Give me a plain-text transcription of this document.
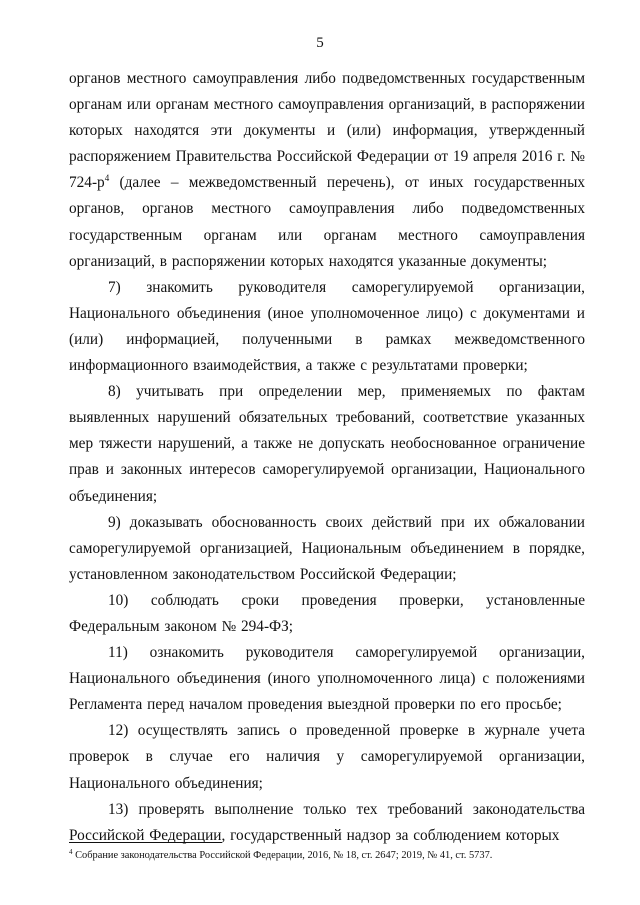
5

органов местного самоуправления либо подведомственных государственным органам или органам местного самоуправления организаций, в распоряжении которых находятся эти документы и (или) информация, утвержденный распоряжением Правительства Российской Федерации от 19 апреля 2016 г. № $724-р^4$ (далее – межведомственный перечень), от иных государственных органов, органов местного самоуправления либо подведомственных государственным органам или органам местного самоуправления организаций, в распоряжении которых находятся указанные документы;

7) знакомить руководителя саморегулируемой организации, Национального объединения (иное уполномоченное лицо) с документами и (или) информацией, полученными в рамках межведомственного информационного взаимодействия, а также с результатами проверки;

8) учитывать при определении мер, применяемых по фактам выявленных нарушений обязательных требований, соответствие указанных мер тяжести нарушений, а также не допускать необоснованное ограничение прав и законных интересов саморегулируемой организации, Национального объединения;

9) доказывать обоснованность своих действий при их обжаловании саморегулируемой организацией, Национальным объединением в порядке, установленном законодательством Российской Федерации;

10) соблюдать сроки проведения проверки, установленные Федеральным законом № 294-ФЗ;

11) ознакомить руководителя саморегулируемой организации, Национального объединения (иного уполномоченного лица) с положениями Регламента перед началом проведения выездной проверки по его просьбе;

12) осуществлять запись о проведенной проверке в журнале учета проверок в случае его наличия у саморегулируемой организации, Национального объединения;

13) проверять выполнение только тех требований законодательства Российской Федерации, государственный надзор за соблюдением которых

$^4$ Собрание законодательства Российской Федерации, 2016, № 18, ст. 2647; 2019, № 41, ст. 5737.
